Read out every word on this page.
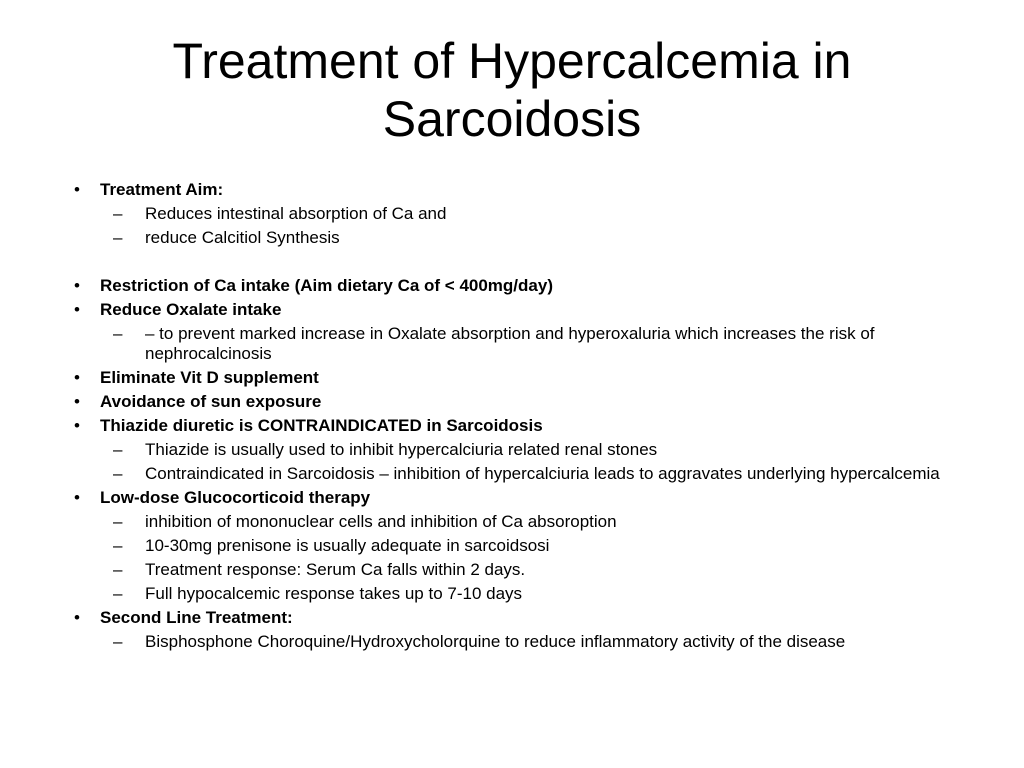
Treatment of Hypercalcemia in
Sarcoidosis
• Treatment Aim:
– Reduces intestinal absorption of Ca and
– reduce Calcitiol Synthesis
• Restriction of Ca intake (Aim dietary Ca of < 400mg/day)
• Reduce Oxalate intake
– – to prevent marked increase in Oxalate absorption and hyperoxaluria which increases the risk of nephrocalcinosis
• Eliminate Vit D supplement
• Avoidance of sun exposure
• Thiazide diuretic is CONTRAINDICATED in Sarcoidosis
– Thiazide is usually used to inhibit hypercalciuria related renal stones
– Contraindicated in Sarcoidosis – inhibition of hypercalciuria leads to aggravates underlying hypercalcemia
• Low-dose Glucocorticoid therapy
– inhibition of mononuclear cells and inhibition of Ca absoroption
– 10-30mg prenisone is usually adequate in sarcoidsosi
– Treatment response: Serum Ca falls within 2 days.
– Full hypocalcemic response takes up to 7-10 days
• Second Line Treatment:
– Bisphosphone Choroquine/Hydroxycholorquine to reduce inflammatory activity of the disease
